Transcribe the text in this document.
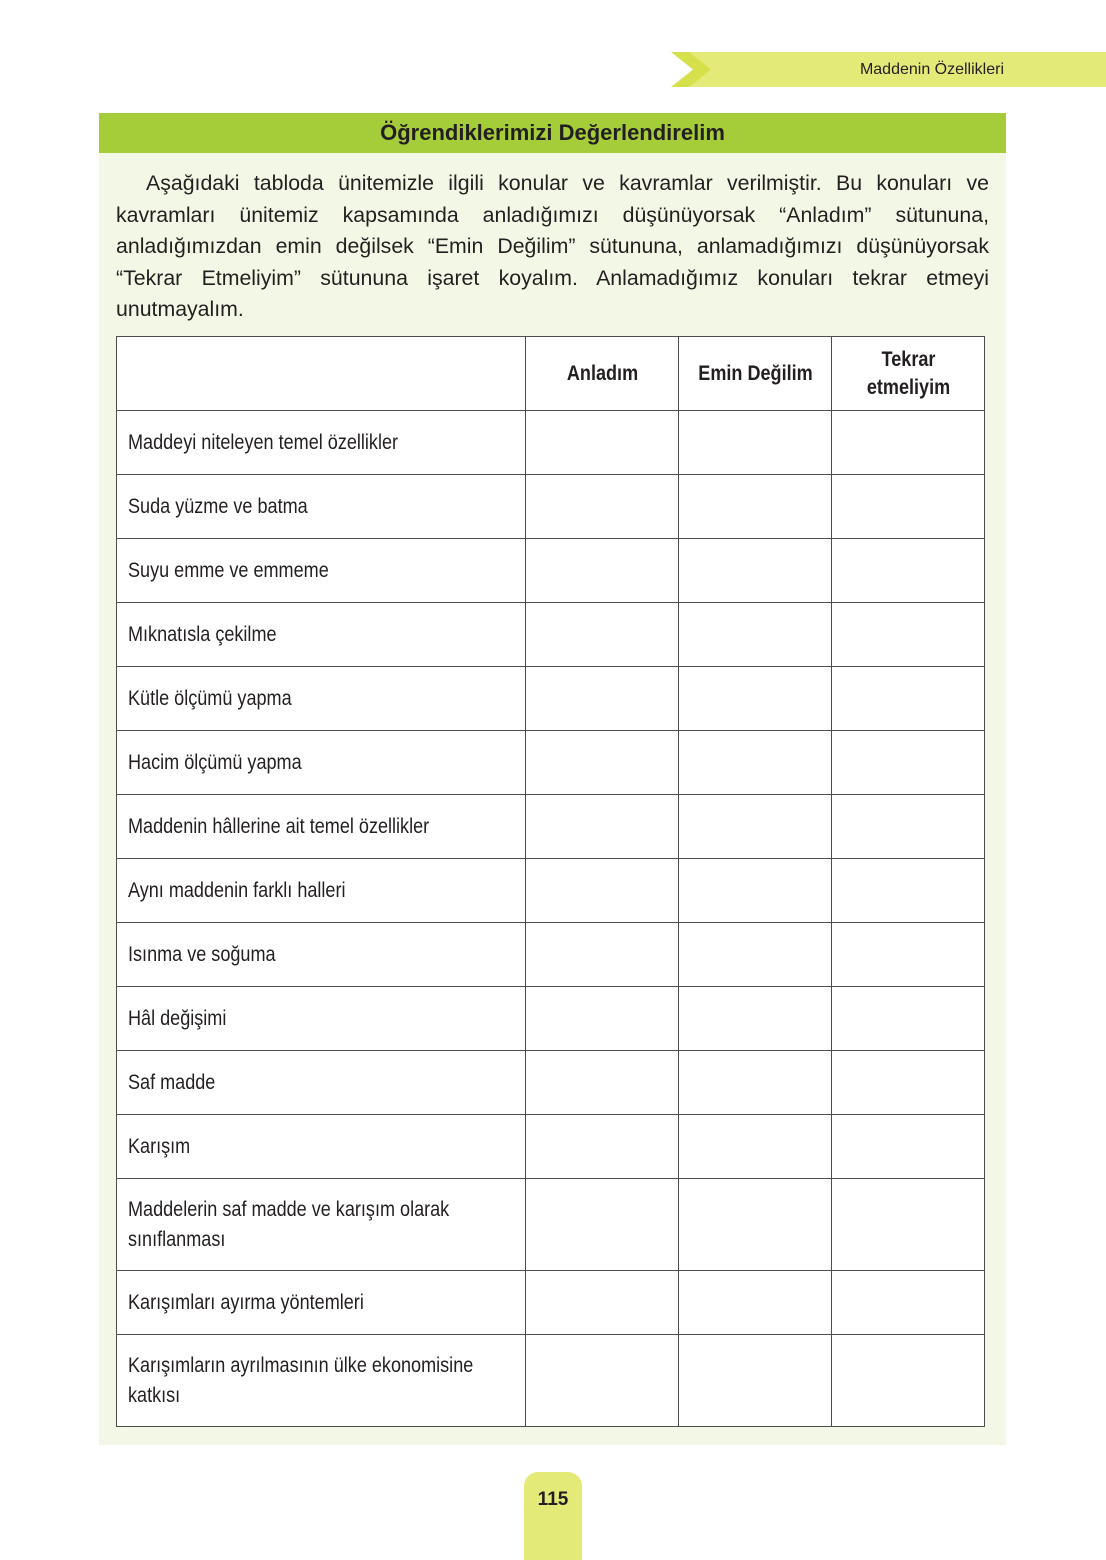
Maddenin Özellikleri
Öğrendiklerimizi Değerlendirelim

Aşağıdaki tabloda ünitemizle ilgili konular ve kavramlar verilmiştir. Bu konuları ve kavramları ünitemiz kapsamında anladığımızı düşünüyorsak “Anladım” sütununa, anladığımızdan emin değilsek “Emin Değilim” sütununa, anlamadığımızı düşünüyorsak “Tekrar Etmeliyim” sütununa işaret koyalım. Anlamadığımız konuları tekrar etmeyi unutmayalım.

	Anladım	Emin Değilim	Tekrar etmeliyim

Maddeyi niteleyen temel özellikler			
Suda yüzme ve batma			
Suyu emme ve emmeme			
Mıknatısla çekilme			
Kütle ölçümü yapma			
Hacim ölçümü yapma			
Maddenin hâllerine ait temel özellikler			
Aynı maddenin farklı halleri			
Isınma ve soğuma			
Hâl değişimi			
Saf madde			
Karışım			
Maddelerin saf madde ve karışım olarak sınıflanması			
Karışımları ayırma yöntemleri			
Karışımların ayrılmasının ülke ekonomisine katkısı			
115
